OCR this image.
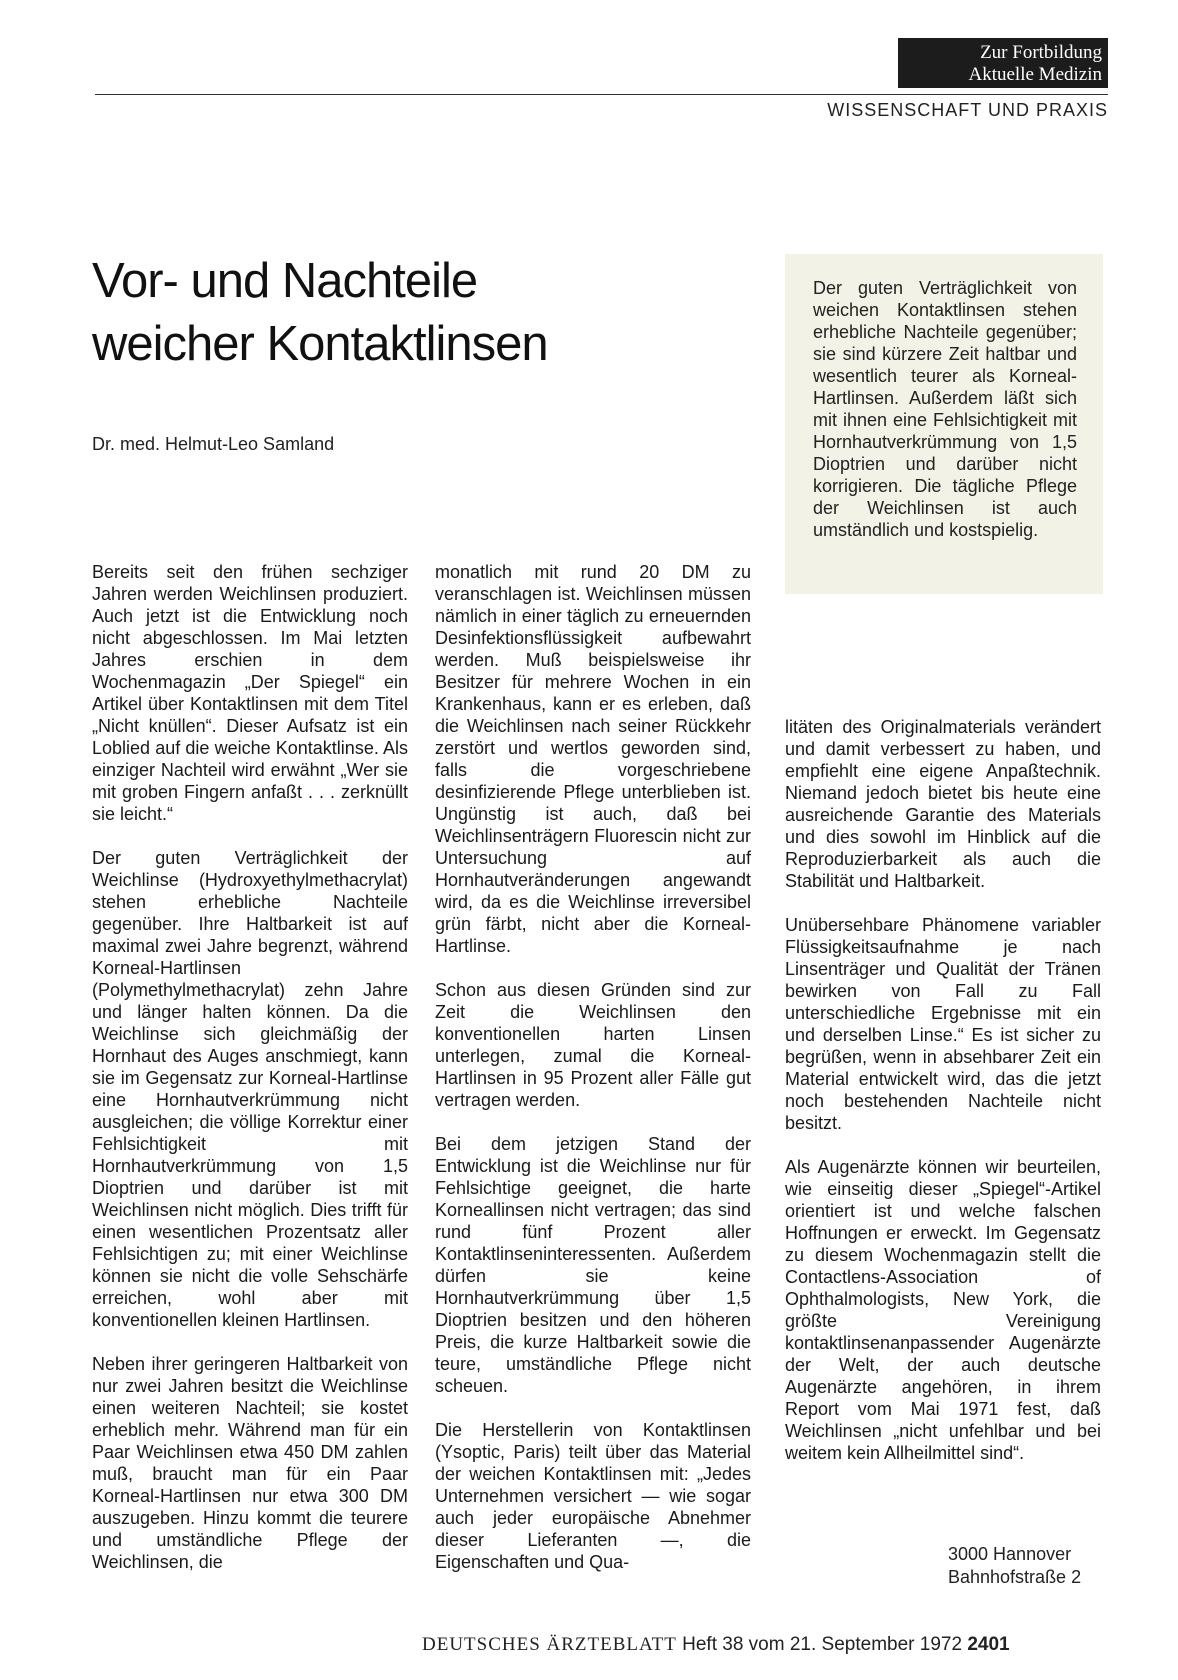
Zur Fortbildung
Aktuelle Medizin
WISSENSCHAFT UND PRAXIS
Vor- und Nachteile
weicher Kontaktlinsen
Dr. med. Helmut-Leo Samland
Der guten Verträglichkeit von weichen Kontaktlinsen stehen erhebliche Nachteile gegenüber; sie sind kürzere Zeit haltbar und wesentlich teurer als Korneal-Hartlinsen. Außerdem läßt sich mit ihnen eine Fehlsichtigkeit mit Hornhautverkrümmung von 1,5 Dioptrien und darüber nicht korrigieren. Die tägliche Pflege der Weichlinsen ist auch umständlich und kostspielig.

Bereits seit den frühen sechziger Jahren werden Weichlinsen produziert. Auch jetzt ist die Entwicklung noch nicht abgeschlossen. Im Mai letzten Jahres erschien in dem Wochenmagazin „Der Spiegel“ ein Artikel über Kontaktlinsen mit dem Titel „Nicht knüllen“. Dieser Aufsatz ist ein Loblied auf die weiche Kontaktlinse. Als einziger Nachteil wird erwähnt „Wer sie mit groben Fingern anfaßt . . . zerknüllt sie leicht.“

Der guten Verträglichkeit der Weichlinse (Hydroxyethylmethacrylat) stehen erhebliche Nachteile gegenüber. Ihre Haltbarkeit ist auf maximal zwei Jahre begrenzt, während Korneal-Hartlinsen (Polymethylmethacrylat) zehn Jahre und länger halten können. Da die Weichlinse sich gleichmäßig der Hornhaut des Auges anschmiegt, kann sie im Gegensatz zur Korneal-Hartlinse eine Hornhautverkrümmung nicht ausgleichen; die völlige Korrektur einer Fehlsichtigkeit mit Hornhautverkrümmung von 1,5 Dioptrien und darüber ist mit Weichlinsen nicht möglich. Dies trifft für einen wesentlichen Prozentsatz aller Fehlsichtigen zu; mit einer Weichlinse können sie nicht die volle Sehschärfe erreichen, wohl aber mit konventionellen kleinen Hartlinsen.

Neben ihrer geringeren Haltbarkeit von nur zwei Jahren besitzt die Weichlinse einen weiteren Nachteil; sie kostet erheblich mehr. Während man für ein Paar Weichlinsen etwa 450 DM zahlen muß, braucht man für ein Paar Korneal-Hartlinsen nur etwa 300 DM auszugeben. Hinzu kommt die teurere und umständliche Pflege der Weichlinsen, die

monatlich mit rund 20 DM zu veranschlagen ist. Weichlinsen müssen nämlich in einer täglich zu erneuernden Desinfektionsflüssigkeit aufbewahrt werden. Muß beispielsweise ihr Besitzer für mehrere Wochen in ein Krankenhaus, kann er es erleben, daß die Weichlinsen nach seiner Rückkehr zerstört und wertlos geworden sind, falls die vorgeschriebene desinfizierende Pflege unterblieben ist. Ungünstig ist auch, daß bei Weichlinsenträgern Fluorescin nicht zur Untersuchung auf Hornhautveränderungen angewandt wird, da es die Weichlinse irreversibel grün färbt, nicht aber die Korneal-Hartlinse.

Schon aus diesen Gründen sind zur Zeit die Weichlinsen den konventionellen harten Linsen unterlegen, zumal die Korneal-Hartlinsen in 95 Prozent aller Fälle gut vertragen werden.

Bei dem jetzigen Stand der Entwicklung ist die Weichlinse nur für Fehlsichtige geeignet, die harte Korneallinsen nicht vertragen; das sind rund fünf Prozent aller Kontaktlinseninteressenten. Außerdem dürfen sie keine Hornhautverkrümmung über 1,5 Dioptrien besitzen und den höheren Preis, die kurze Haltbarkeit sowie die teure, umständliche Pflege nicht scheuen.

Die Herstellerin von Kontaktlinsen (Ysoptic, Paris) teilt über das Material der weichen Kontaktlinsen mit: „Jedes Unternehmen versichert — wie sogar auch jeder europäische Abnehmer dieser Lieferanten —, die Eigenschaften und Qua-

litäten des Originalmaterials verändert und damit verbessert zu haben, und empfiehlt eine eigene Anpaßtechnik. Niemand jedoch bietet bis heute eine ausreichende Garantie des Materials und dies sowohl im Hinblick auf die Reproduzierbarkeit als auch die Stabilität und Haltbarkeit.

Unübersehbare Phänomene variabler Flüssigkeitsaufnahme je nach Linsenträger und Qualität der Tränen bewirken von Fall zu Fall unterschiedliche Ergebnisse mit ein und derselben Linse.“ Es ist sicher zu begrüßen, wenn in absehbarer Zeit ein Material entwickelt wird, das die jetzt noch bestehenden Nachteile nicht besitzt.

Als Augenärzte können wir beurteilen, wie einseitig dieser „Spiegel“-Artikel orientiert ist und welche falschen Hoffnungen er erweckt. Im Gegensatz zu diesem Wochenmagazin stellt die Contactlens-Association of Ophthalmologists, New York, die größte Vereinigung kontaktlinsenanpassender Augenärzte der Welt, der auch deutsche Augenärzte angehören, in ihrem Report vom Mai 1971 fest, daß Weichlinsen „nicht unfehlbar und bei weitem kein Allheilmittel sind“.

3000 Hannover
Bahnhofstraße 2
DEUTSCHES ÄRZTEBLATT Heft 38 vom 21. September 1972 2401
